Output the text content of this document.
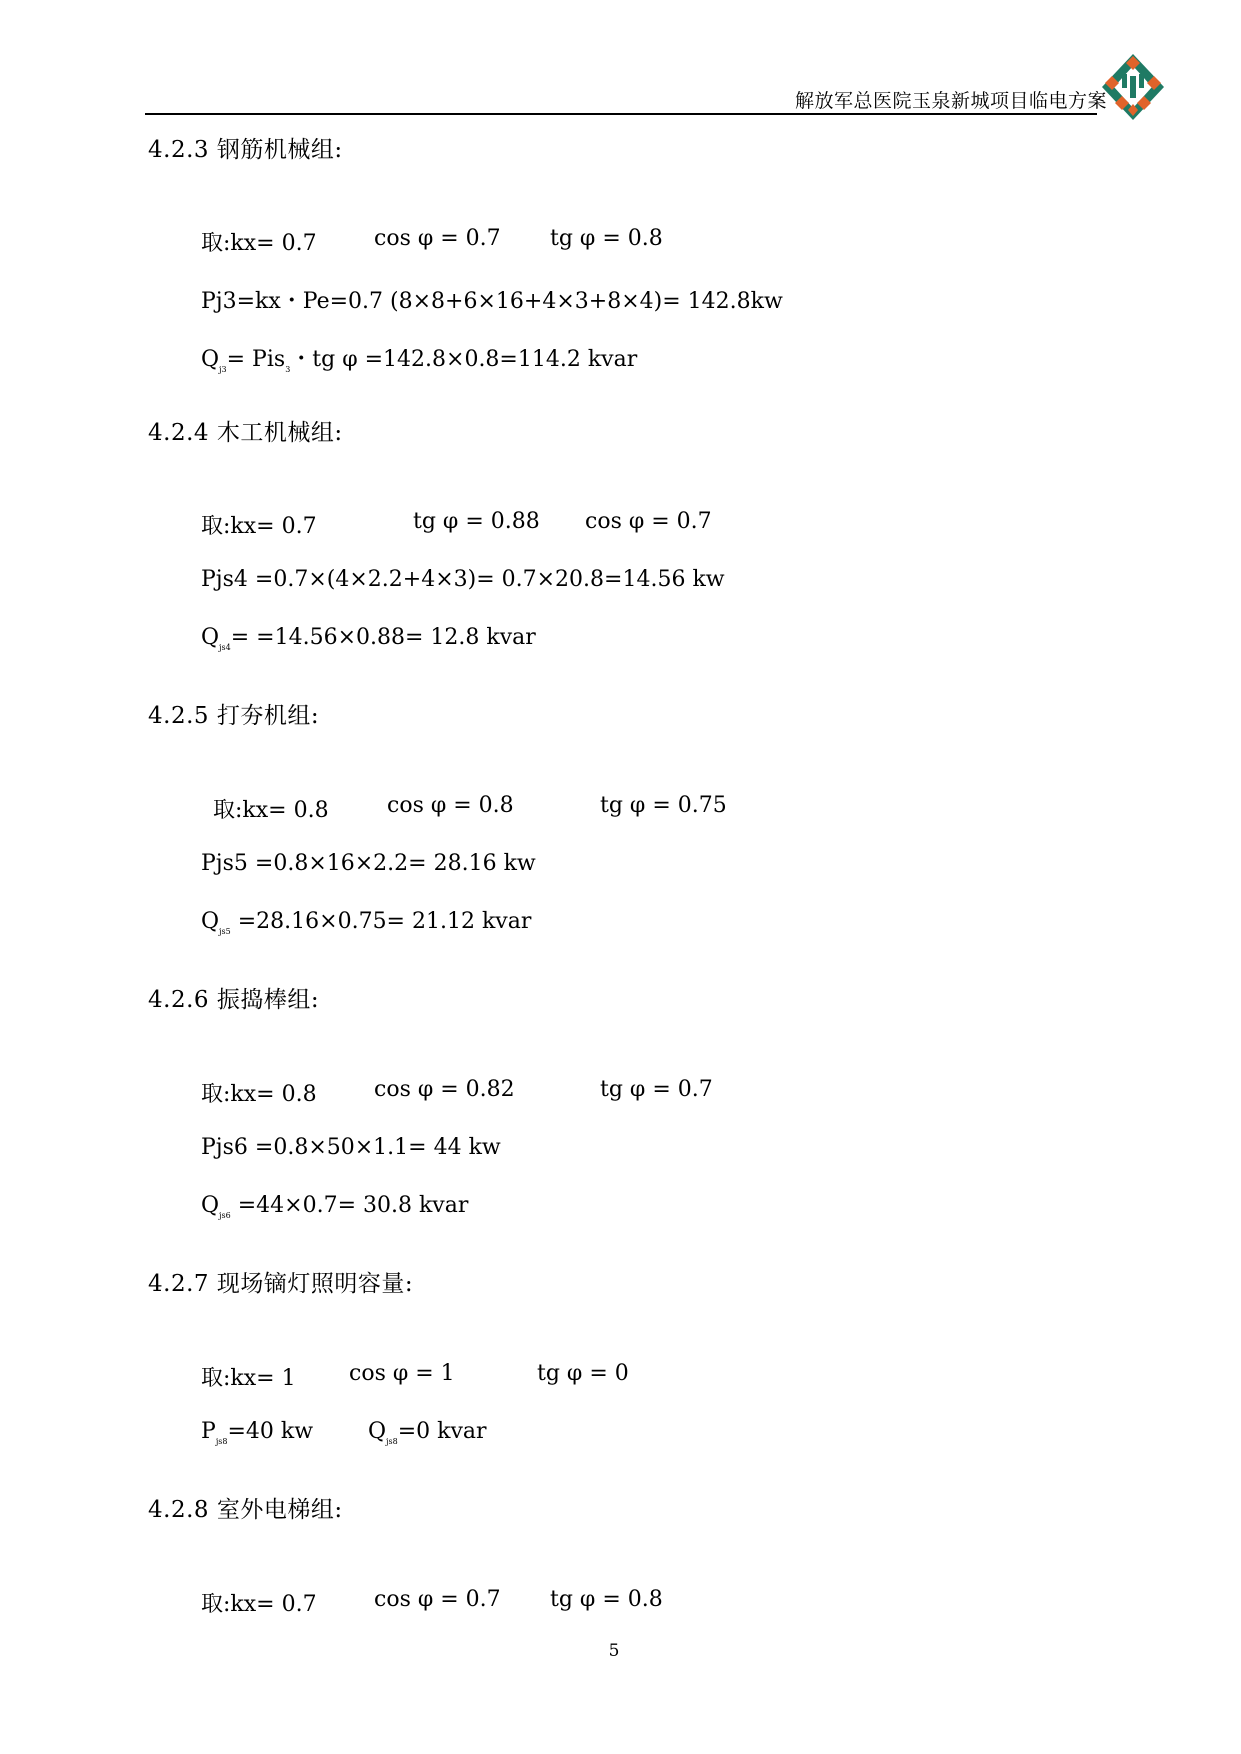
解放军总医院玉泉新城项目临电方案
4.2.3 钢筋机械组:
取:kx= 0.7	cos φ = 0.7 tg φ = 0.8
Pj3=kx・Pe=0.7 (8×8+6×16+4×3+8×4)= 142.8kw
$Q_{j3}= Pis_3$・tg φ =142.8×0.8=114.2 kvar
4.2.4 木工机械组:
取:kx= 0.7	tg φ = 0.88 cos φ = 0.7
Pjs4 =0.7×(4×2.2+4×3)= 0.7×20.8=14.56 kw
$Q_{js4}= =14.56\times 0.88= 12.8$ kvar
4.2.5 打夯机组:
取:kx= 0.8	cos φ = 0.8	tg φ = 0.75
Pjs5 =0.8×16×2.2= 28.16 kw
$Q_{js5} =28.16\times 0.75= 21.12$ kvar
4.2.6 振捣棒组:
取:kx= 0.8	cos φ = 0.82	tg φ = 0.7
Pjs6 =0.8×50×1.1= 44 kw
$Q_{js6} =44\times 0.7= 30.8$ kvar
4.2.7 现场镝灯照明容量:
取:kx= 1 cos φ = 1	tg φ = 0
$P_{js8}=40$ kw $Q_{js8}=0$ kvar
4.2.8 室外电梯组:
取:kx= 0.7	cos φ = 0.7 tg φ = 0.8
5
